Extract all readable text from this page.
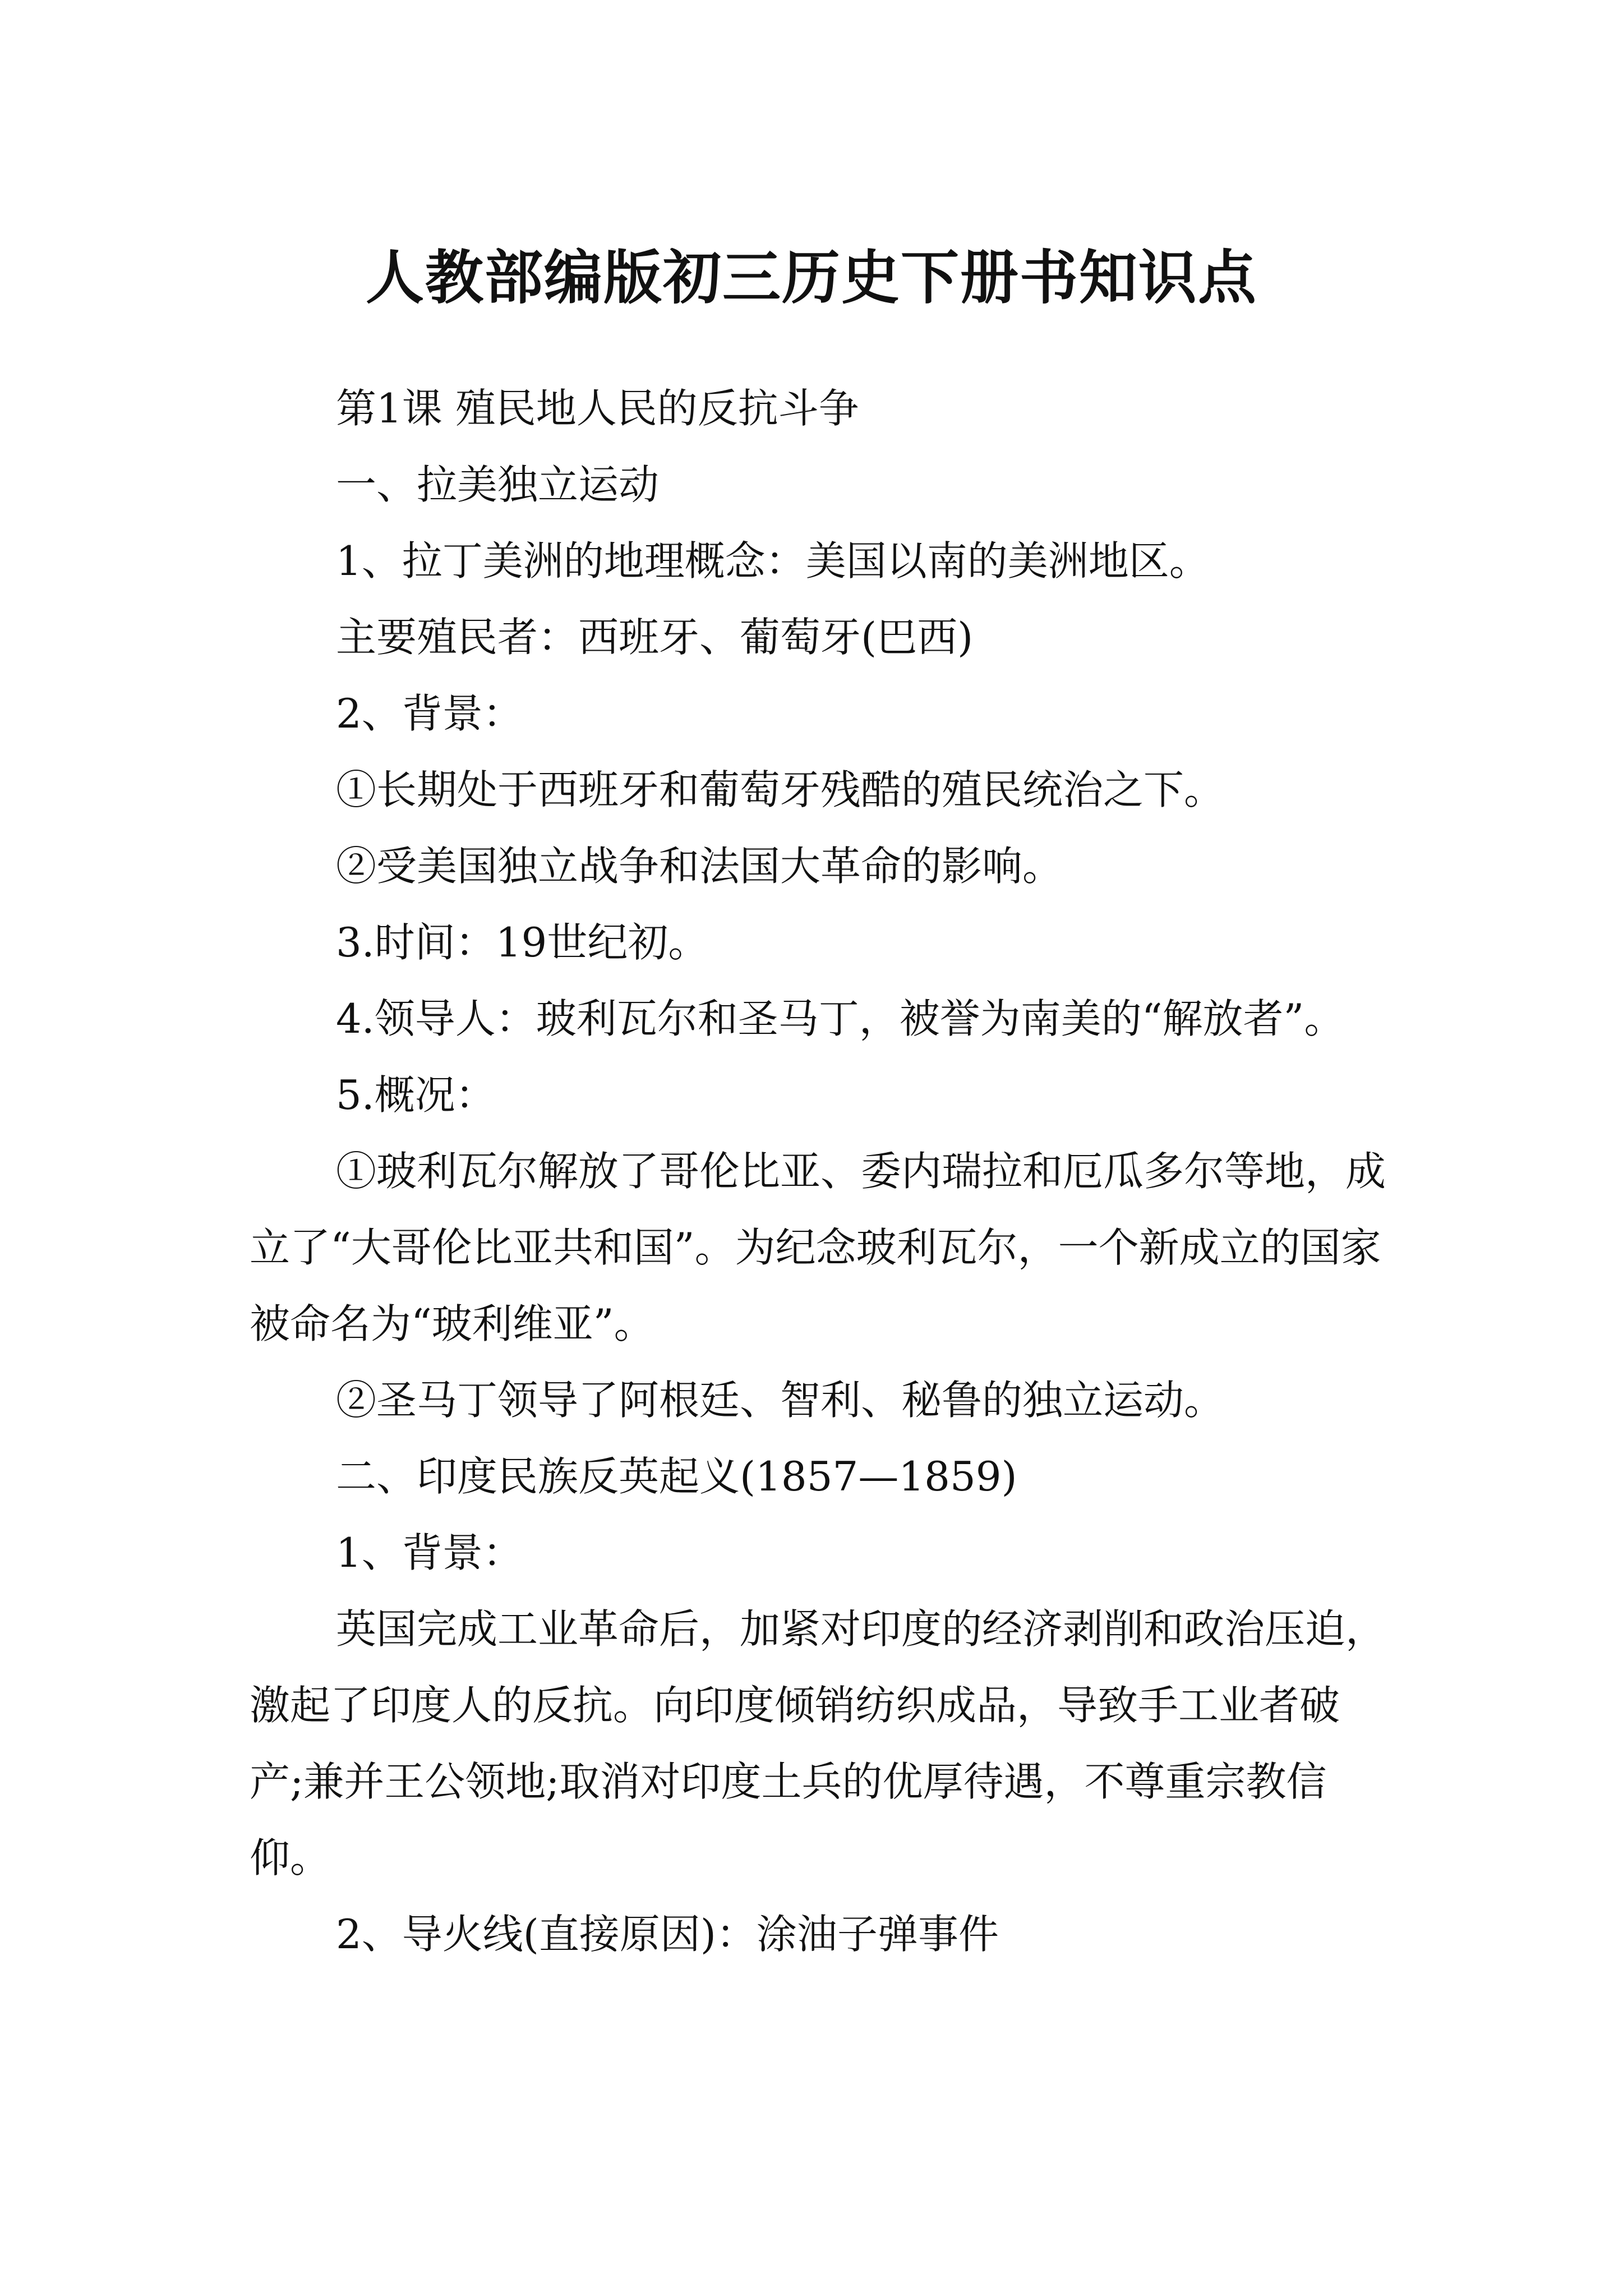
人教部编版初三历史下册书知识点

第1课 殖民地人民的反抗斗争

一、拉美独立运动

1、拉丁美洲的地理概念：美国以南的美洲地区。

主要殖民者：西班牙、葡萄牙(巴西)

2、背景：

①长期处于西班牙和葡萄牙残酷的殖民统治之下。

②受美国独立战争和法国大革命的影响。

3.时间：19世纪初。

4.领导人：玻利瓦尔和圣马丁，被誉为南美的“解放者”。

5.概况：

①玻利瓦尔解放了哥伦比亚、委内瑞拉和厄瓜多尔等地，成立了“大哥伦比亚共和国”。为纪念玻利瓦尔，一个新成立的国家被命名为“玻利维亚”。

②圣马丁领导了阿根廷、智利、秘鲁的独立运动。

二、印度民族反英起义(1857—1859)

1、背景：

英国完成工业革命后，加紧对印度的经济剥削和政治压迫，激起了印度人的反抗。向印度倾销纺织成品，导致手工业者破产;兼并王公领地;取消对印度土兵的优厚待遇，不尊重宗教信仰。

2、导火线(直接原因)：涂油子弹事件
